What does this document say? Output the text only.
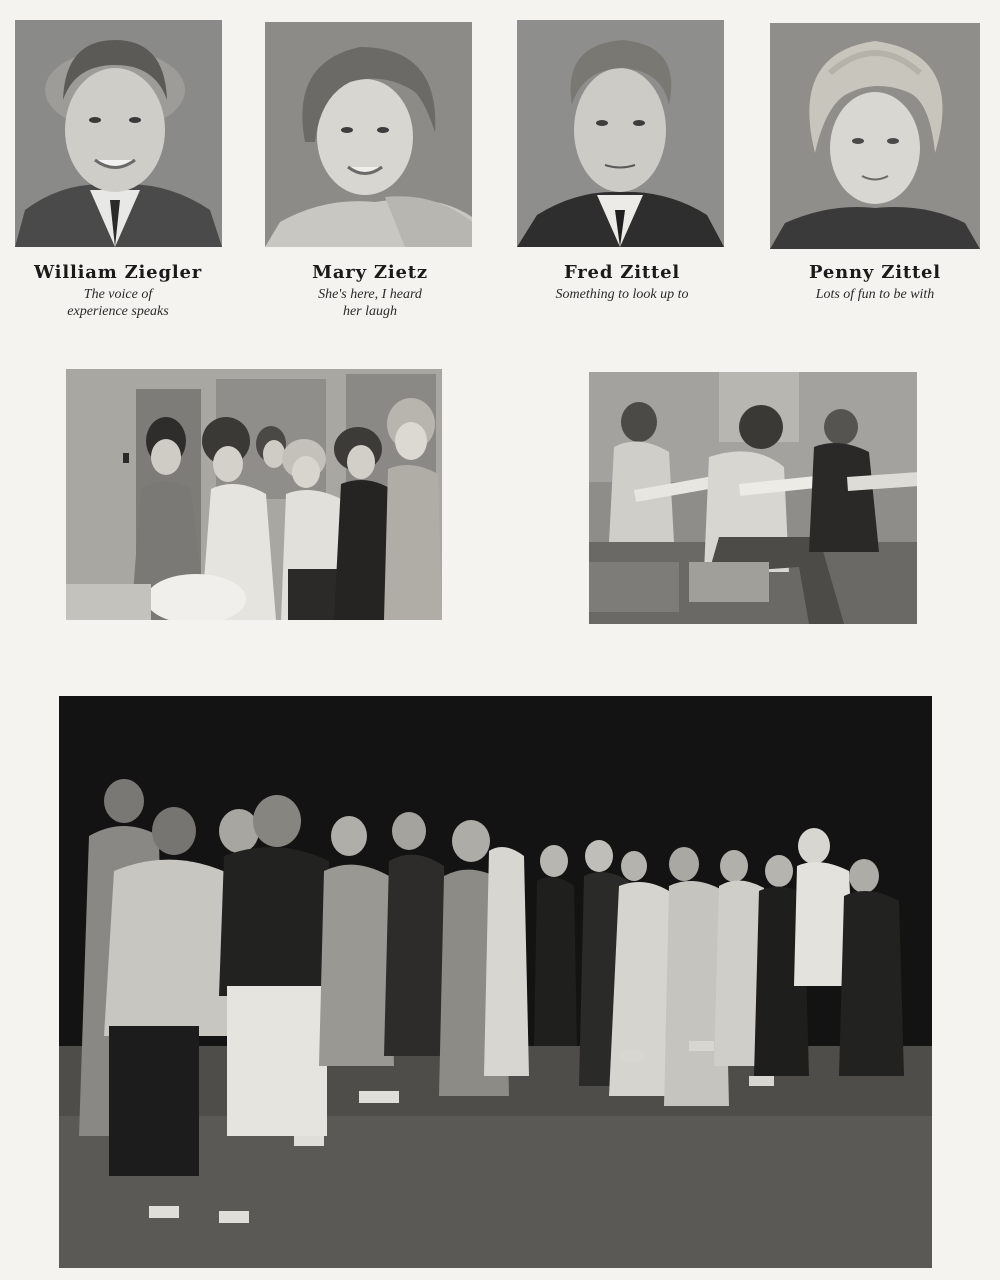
William Ziegler
The voice of
experience speaks
Mary Zietz
She's here, I heard
her laugh
Fred Zittel
Something to look up to
Penny Zittel
Lots of fun to be with
